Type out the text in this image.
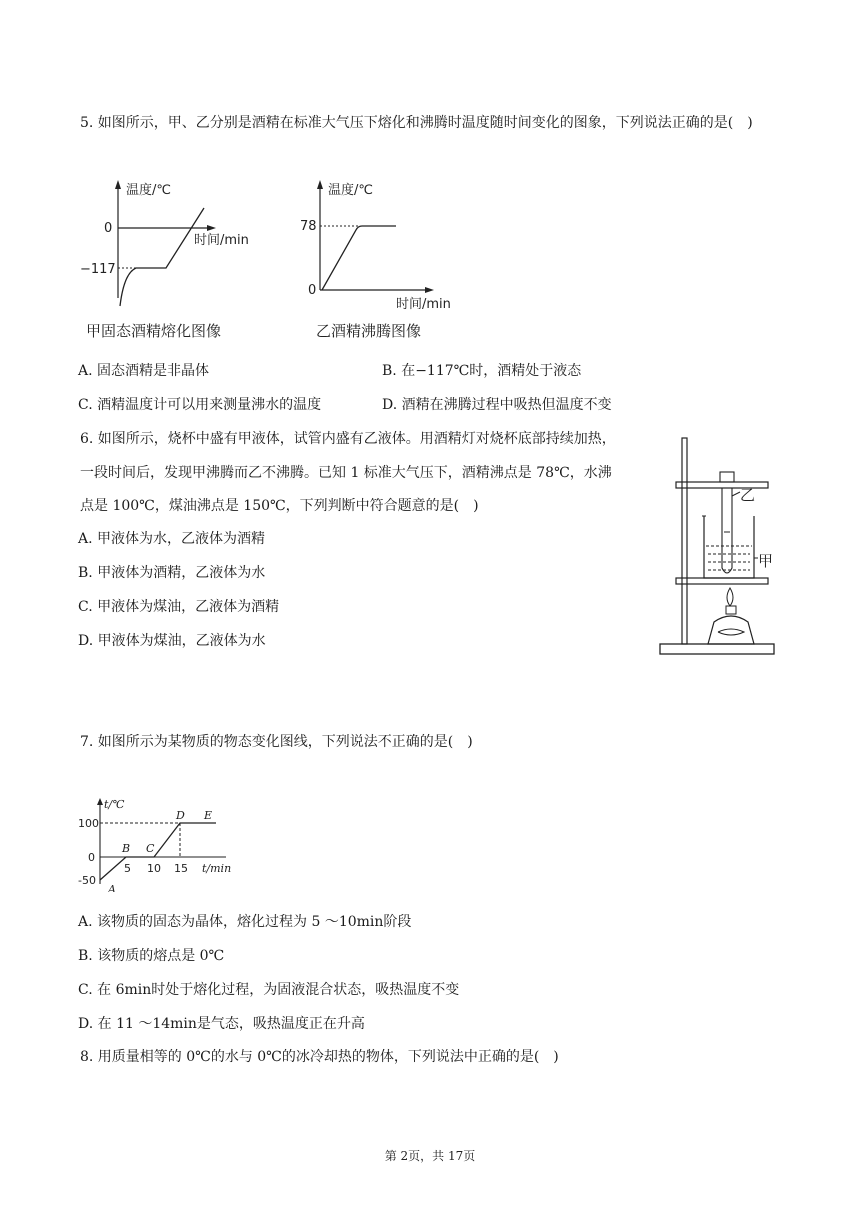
5. 如图所示，甲、乙分别是酒精在标准大气压下熔化和沸腾时温度随时间变化的图象，下列说法正确的是(　)
温度/℃
时间/min
0
−117
甲固态酒精熔化图像
温度/℃
时间/min
78
0
乙酒精沸腾图像
A. 固态酒精是非晶体	B. 在−117℃时，酒精处于液态
C. 酒精温度计可以用来测量沸水的温度	D. 酒精在沸腾过程中吸热但温度不变
6. 如图所示，烧杯中盛有甲液体，试管内盛有乙液体。用酒精灯对烧杯底部持续加热，
一段时间后，发现甲沸腾而乙不沸腾。已知 1 标准大气压下，酒精沸点是 78℃，水沸
点是 100℃，煤油沸点是 150℃，下列判断中符合题意的是(　)
A. 甲液体为水，乙液体为酒精
B. 甲液体为酒精，乙液体为水
C. 甲液体为煤油，乙液体为酒精
D. 甲液体为煤油，乙液体为水
乙
甲
7. 如图所示为某物质的物态变化图线，下列说法不正确的是(　)
t/℃
t/min
100
0
-50
5 10 15
A
B C
D E
A. 该物质的固态为晶体，熔化过程为 5 ～10min阶段
B. 该物质的熔点是 0℃
C. 在 6min时处于熔化过程，为固液混合状态，吸热温度不变
D. 在 11 ～14min是气态，吸热温度正在升高
8. 用质量相等的 0℃的水与 0℃的冰冷却热的物体，下列说法中正确的是(　)
第 2页，共 17页
